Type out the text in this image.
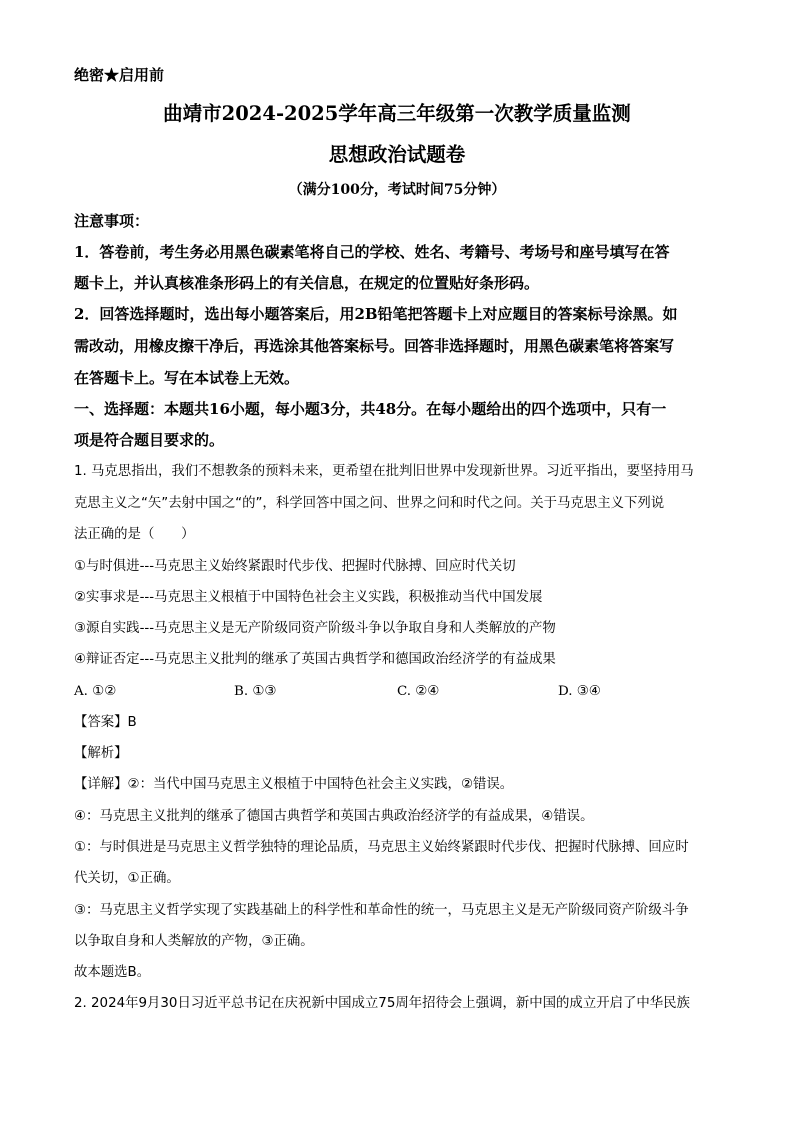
绝密★启用前
曲靖市2024-2025学年高三年级第一次教学质量监测
思想政治试题卷
（满分100分，考试时间75分钟）
注意事项：
1．答卷前，考生务必用黑色碳素笔将自己的学校、姓名、考籍号、考场号和座号填写在答
题卡上，并认真核准条形码上的有关信息，在规定的位置贴好条形码。
2．回答选择题时，选出每小题答案后，用2B铅笔把答题卡上对应题目的答案标号涂黑。如
需改动，用橡皮擦干净后，再选涂其他答案标号。回答非选择题时，用黑色碳素笔将答案写
在答题卡上。写在本试卷上无效。
一、选择题：本题共16小题，每小题3分，共48分。在每小题给出的四个选项中，只有一
项是符合题目要求的。
1. 马克思指出，我们不想教条的预料未来，更希望在批判旧世界中发现新世界。习近平指出，要坚持用马
克思主义之“矢”去射中国之“的”，科学回答中国之问、世界之问和时代之问。关于马克思主义下列说
法正确的是（　　）
①与时俱进---马克思主义始终紧跟时代步伐、把握时代脉搏、回应时代关切
②实事求是---马克思主义根植于中国特色社会主义实践，积极推动当代中国发展
③源自实践---马克思主义是无产阶级同资产阶级斗争以争取自身和人类解放的产物
④辩证否定---马克思主义批判的继承了英国古典哲学和德国政治经济学的有益成果
A. ①②	B. ①③	C. ②④	D. ③④
【答案】B
【解析】
【详解】②：当代中国马克思主义根植于中国特色社会主义实践，②错误。
④：马克思主义批判的继承了德国古典哲学和英国古典政治经济学的有益成果，④错误。
①：与时俱进是马克思主义哲学独特的理论品质，马克思主义始终紧跟时代步伐、把握时代脉搏、回应时
代关切，①正确。
③：马克思主义哲学实现了实践基础上的科学性和革命性的统一，马克思主义是无产阶级同资产阶级斗争
以争取自身和人类解放的产物，③正确。
故本题选B。
2. 2024年9月30日习近平总书记在庆祝新中国成立75周年招待会上强调，新中国的成立开启了中华民族
